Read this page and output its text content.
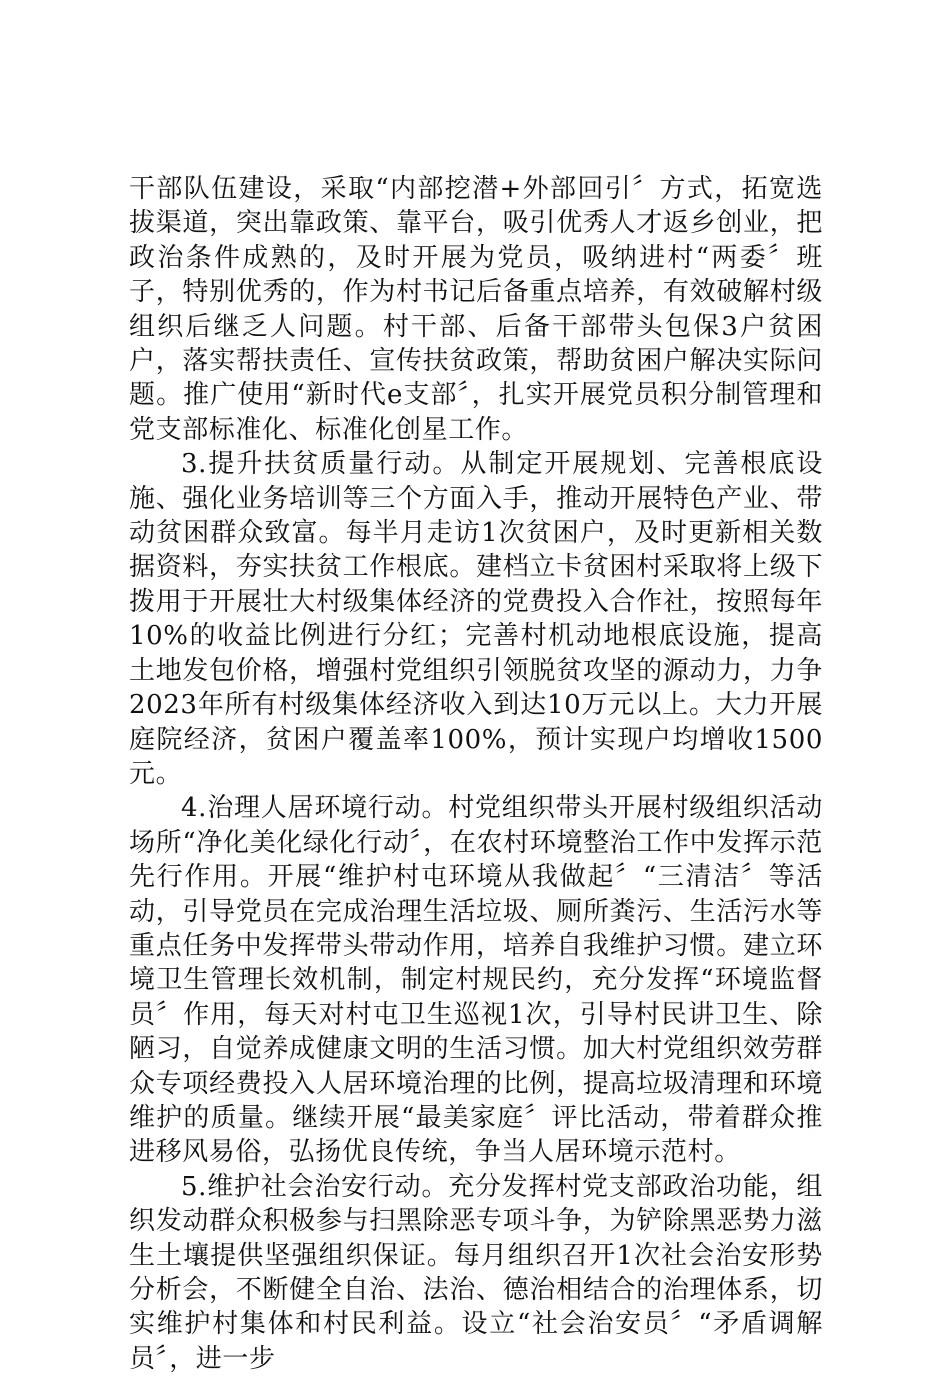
干部队伍建设，采取“内部挖潜+外部回引〞方式，拓宽选拔渠道，突出靠政策、靠平台，吸引优秀人才返乡创业，把政治条件成熟的，及时开展为党员，吸纳进村“两委〞班子，特别优秀的，作为村书记后备重点培养，有效破解村级组织后继乏人问题。村干部、后备干部带头包保3户贫困户，落实帮扶责任、宣传扶贫政策，帮助贫困户解决实际问题。推广使用“新时代e支部〞，扎实开展党员积分制管理和党支部标准化、标准化创星工作。

3.提升扶贫质量行动。从制定开展规划、完善根底设施、强化业务培训等三个方面入手，推动开展特色产业、带动贫困群众致富。每半月走访1次贫困户，及时更新相关数据资料，夯实扶贫工作根底。建档立卡贫困村采取将上级下拨用于开展壮大村级集体经济的党费投入合作社，按照每年10%的收益比例进行分红；完善村机动地根底设施，提高土地发包价格，增强村党组织引领脱贫攻坚的源动力，力争2023年所有村级集体经济收入到达10万元以上。大力开展庭院经济，贫困户覆盖率100%，预计实现户均增收1500元。

4.治理人居环境行动。村党组织带头开展村级组织活动场所“净化美化绿化行动〞，在农村环境整治工作中发挥示范先行作用。开展“维护村屯环境从我做起〞“三清洁〞等活动，引导党员在完成治理生活垃圾、厕所粪污、生活污水等重点任务中发挥带头带动作用，培养自我维护习惯。建立环境卫生管理长效机制，制定村规民约，充分发挥“环境监督员〞作用，每天对村屯卫生巡视1次，引导村民讲卫生、除陋习，自觉养成健康文明的生活习惯。加大村党组织效劳群众专项经费投入人居环境治理的比例，提高垃圾清理和环境维护的质量。继续开展“最美家庭〞评比活动，带着群众推进移风易俗，弘扬优良传统，争当人居环境示范村。

5.维护社会治安行动。充分发挥村党支部政治功能，组织发动群众积极参与扫黑除恶专项斗争，为铲除黑恶势力滋生土壤提供坚强组织保证。每月组织召开1次社会治安形势分析会，不断健全自治、法治、德治相结合的治理体系，切实维护村集体和村民利益。设立“社会治安员〞“矛盾调解员〞，进一步
